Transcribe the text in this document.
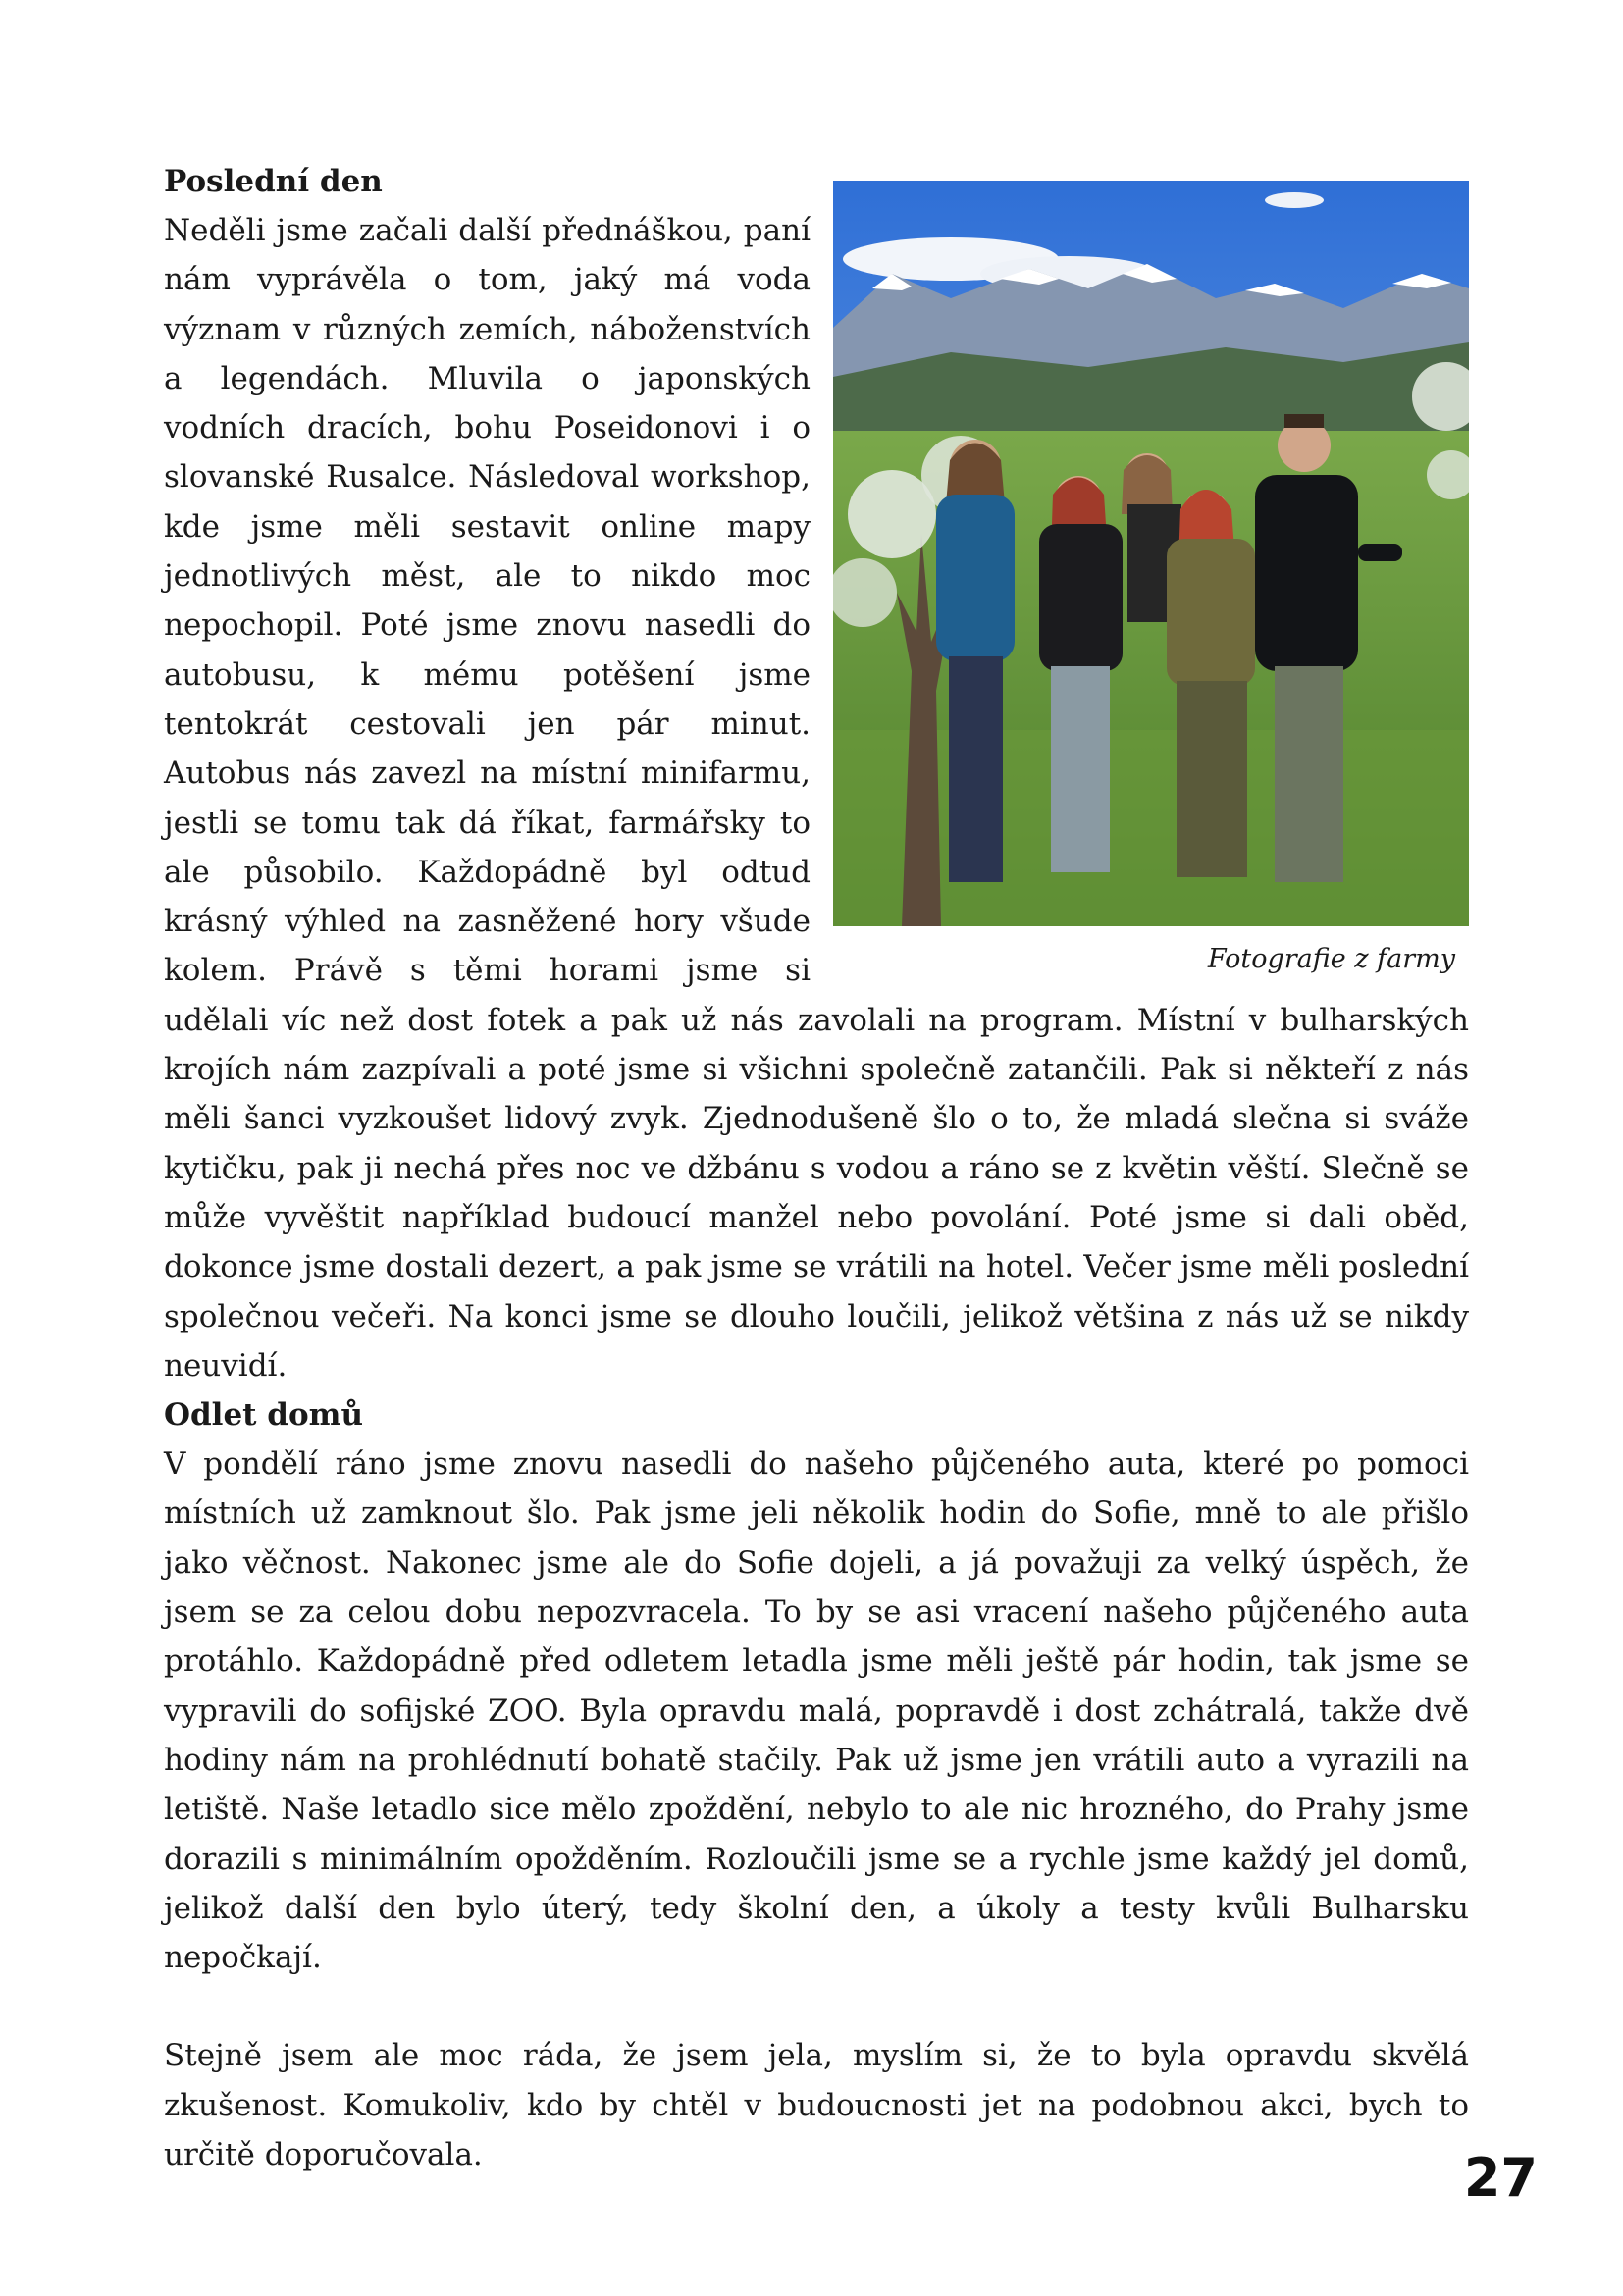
Fotografie z farmy
Poslední den

Neděli jsme začali další přednáškou, paní nám vyprávěla o tom, jaký má voda význam v různých zemích, náboženstvích a legendách. Mluvila o japonských vodních dracích, bohu Poseidonovi i o slovanské Rusalce. Následoval workshop, kde jsme měli sestavit online mapy jednotlivých měst, ale to nikdo moc nepochopil. Poté jsme znovu nasedli do autobusu, k mému potěšení jsme tentokrát cestovali jen pár minut. Autobus nás zavezl na místní minifarmu, jestli se tomu tak dá říkat, farmářsky to ale působilo. Každopádně byl odtud krásný výhled na zasněžené hory všude kolem. Právě s těmi horami jsme si udělali víc než dost fotek a pak už nás zavolali na program. Místní v bulharských krojích nám zazpívali a poté jsme si všichni společně zatančili. Pak si někteří z nás měli šanci vyzkoušet lidový zvyk. Zjednodušeně šlo o to, že mladá slečna si sváže kytičku, pak ji nechá přes noc ve džbánu s vodou a ráno se z květin věští. Slečně se může vyvěštit například budoucí manžel nebo povolání. Poté jsme si dali oběd, dokonce jsme dostali dezert, a pak jsme se vrátili na hotel. Večer jsme měli poslední společnou večeři. Na konci jsme se dlouho loučili, jelikož většina z nás už se nikdy neuvidí.

Odlet domů

V pondělí ráno jsme znovu nasedli do našeho půjčeného auta, které po pomoci místních už zamknout šlo. Pak jsme jeli několik hodin do Sofie, mně to ale přišlo jako věčnost. Nakonec jsme ale do Sofie dojeli, a já považuji za velký úspěch, že jsem se za celou dobu nepozvracela. To by se asi vracení našeho půjčeného auta protáhlo. Každopádně před odletem letadla jsme měli ještě pár hodin, tak jsme se vypravili do sofijské ZOO. Byla opravdu malá, popravdě i dost zchátralá, takže dvě hodiny nám na prohlédnutí bohatě stačily. Pak už jsme jen vrátili auto a vyrazili na letiště. Naše letadlo sice mělo zpoždění, nebylo to ale nic hrozného, do Prahy jsme dorazili s minimálním opožděním. Rozloučili jsme se a rychle jsme každý jel domů, jelikož další den bylo úterý, tedy školní den, a úkoly a testy kvůli Bulharsku nepočkají.

Stejně jsem ale moc ráda, že jsem jela, myslím si, že to byla opravdu skvělá zkušenost. Komukoliv, kdo by chtěl v budoucnosti jet na podobnou akci, bych to určitě doporučovala.	27
